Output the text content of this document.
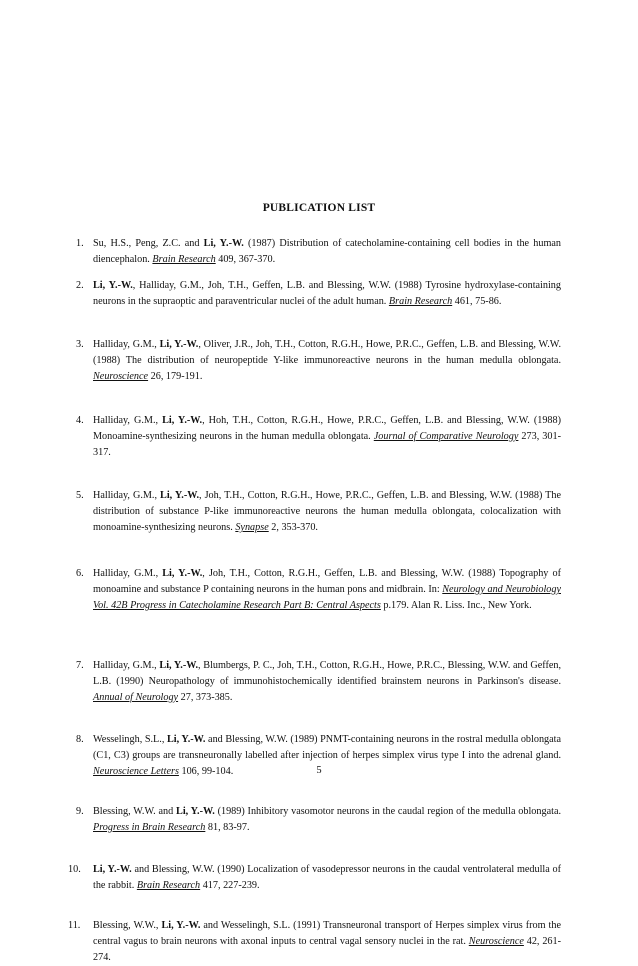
PUBLICATION LIST
1. Su, H.S., Peng, Z.C. and Li, Y.-W. (1987) Distribution of catecholamine-containing cell bodies in the human diencephalon. Brain Research 409, 367-370.
2. Li, Y.-W., Halliday, G.M., Joh, T.H., Geffen, L.B. and Blessing, W.W. (1988) Tyrosine hydroxylase-containing neurons in the supraoptic and paraventricular nuclei of the adult human. Brain Research 461, 75-86.
3. Halliday, G.M., Li, Y.-W., Oliver, J.R., Joh, T.H., Cotton, R.G.H., Howe, P.R.C., Geffen, L.B. and Blessing, W.W. (1988) The distribution of neuropeptide Y-like immunoreactive neurons in the human medulla oblongata. Neuroscience 26, 179-191.
4. Halliday, G.M., Li, Y.-W., Hoh, T.H., Cotton, R.G.H., Howe, P.R.C., Geffen, L.B. and Blessing, W.W. (1988) Monoamine-synthesizing neurons in the human medulla oblongata. Journal of Comparative Neurology 273, 301-317.
5. Halliday, G.M., Li, Y.-W., Joh, T.H., Cotton, R.G.H., Howe, P.R.C., Geffen, L.B. and Blessing, W.W. (1988) The distribution of substance P-like immunoreactive neurons the human medulla oblongata, colocalization with monoamine-synthesizing neurons. Synapse 2, 353-370.
6. Halliday, G.M., Li, Y.-W., Joh, T.H., Cotton, R.G.H., Geffen, L.B. and Blessing, W.W. (1988) Topography of monoamine and substance P containing neurons in the human pons and midbrain. In: Neurology and Neurobiology Vol. 42B Progress in Catecholamine Research Part B: Central Aspects p.179. Alan R. Liss. Inc., New York.
7. Halliday, G.M., Li, Y.-W., Blumbergs, P. C., Joh, T.H., Cotton, R.G.H., Howe, P.R.C., Blessing, W.W. and Geffen, L.B. (1990) Neuropathology of immunohistochemically identified brainstem neurons in Parkinson's disease. Annual of Neurology 27, 373-385.
8. Wesselingh, S.L., Li, Y.-W. and Blessing, W.W. (1989) PNMT-containing neurons in the rostral medulla oblongata (C1, C3) groups are transneuronally labelled after injection of herpes simplex virus type I into the adrenal gland. Neuroscience Letters 106, 99-104.
9. Blessing, W.W. and Li, Y.-W. (1989) Inhibitory vasomotor neurons in the caudal region of the medulla oblongata. Progress in Brain Research 81, 83-97.
10. Li, Y.-W. and Blessing, W.W. (1990) Localization of vasodepressor neurons in the caudal ventrolateral medulla of the rabbit. Brain Research 417, 227-239.
11. Blessing, W.W., Li, Y.-W. and Wesselingh, S.L. (1991) Transneuronal transport of Herpes simplex virus from the central vagus to brain neurons with axonal inputs to central vagal sensory nuclei in the rat. Neuroscience 42, 261-274.
5
